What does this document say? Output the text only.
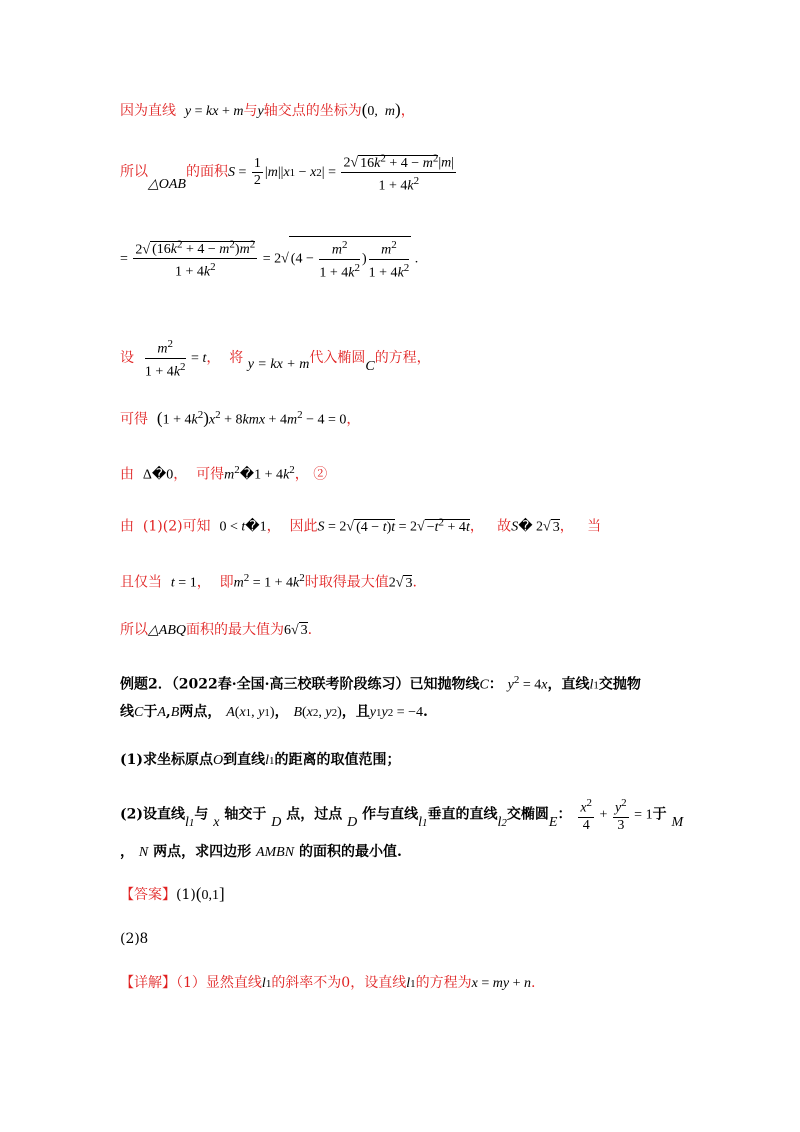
因为直线  y = kx + m与y轴交点的坐标为(0,  m)，
所以△OAB的面积$S = \frac{1}{2} |m||x1 - x2| = \frac{2√ 16k^2 + 4 - m^2|m|}{1 + 4k^2}$
= $\frac{2√ (16k^2 + 4 - m^2)m^2}{1 + 4k^2} = 2√$ ($4 - \frac{m^2}{1 + 4k^2}$ ) $\frac{m^2}{1 + 4k^2}$ .
设 $\frac{m^2}{1 + 4k^2} = t$，  将 y = kx + m代入椭圆C的方程，
可得  $(1 + 4k^2)x^2 + 8kmx + 4m^2 - 4 = 0$，
由  Δ�0，  可得$m^2�1 + 4k^2$， ②
由  (1)(2)可知  0 < t�1，  因此S = 2√ $(4 - t)t = 2√ -t^2 + 4t$，   故S� 2√ 3，   当
且仅当  t = 1，  即$m^2 = 1 + 4k^2$时取得最大值2√ 3.
所以△ABQ面积的最大值为6√ 3.
例题2．（2022春·全国·高三校联考阶段练习）已知抛物线C： $y^2 = 4x$，直线l1交抛物
线C于A,B两点， A(x1, y1)， B(x2, y2)，且y1y2 = −4.
(1)求坐标原点O到直线l1的距离的取值范围；
(2)设直线l1与 x 轴交于 D 点，过点 D 作与直线l1垂直的直线l2交椭圆E： $\frac{x^2}{4} + \frac{y^2}{3} = 1$于 M
， N 两点，求四边形 AMBN 的面积的最小值.
【答案】(1)(0,1]
(2)8
【详解】（1）显然直线l1的斜率不为0，设直线l1的方程为x = my + n.
